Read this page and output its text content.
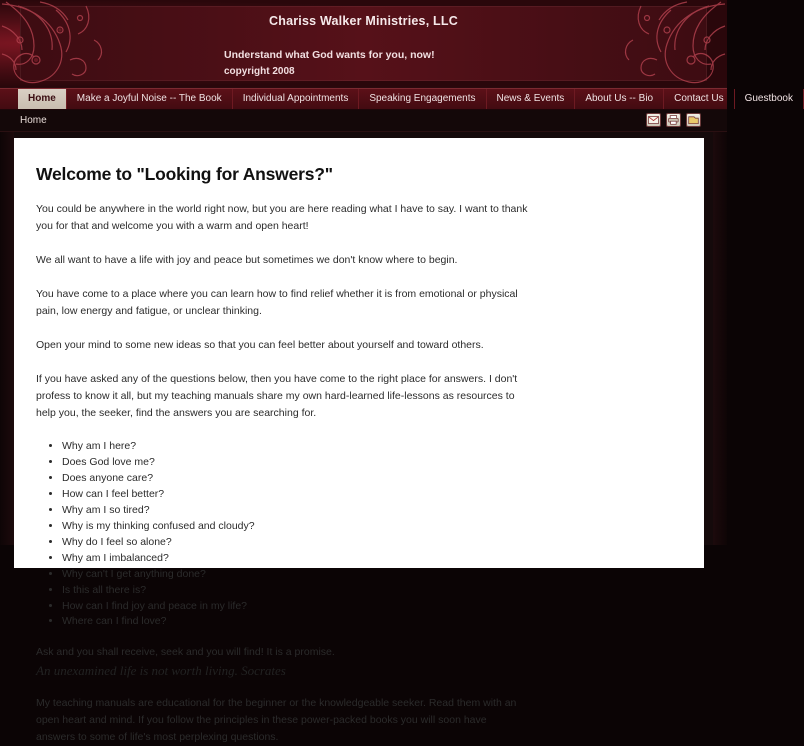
Chariss Walker Ministries, LLC
Understand what God wants for you, now!
copyright 2008
Home	Make a Joyful Noise -- The Book	Individual Appointments	Speaking Engagements	News & Events	About Us -- Bio	Contact Us	Guestbook
Home
Welcome to "Looking for Answers?"

You could be anywhere in the world right now, but you are here reading what I have to say. I want to thank you for that and welcome you with a warm and open heart!

We all want to have a life with joy and peace but sometimes we don't know where to begin.

You have come to a place where you can learn how to find relief whether it is from emotional or physical pain, low energy and fatigue, or unclear thinking.

Open your mind to some new ideas so that you can feel better about yourself and toward others.

If you have asked any of the questions below, then you have come to the right place for answers. I don't profess to know it all, but my teaching manuals share my own hard-learned life-lessons as resources to help you, the seeker, find the answers you are searching for.

• Why am I here?
• Does God love me?
• Does anyone care?
• How can I feel better?
• Why am I so tired?
• Why is my thinking confused and cloudy?
• Why do I feel so alone?
• Why am I imbalanced?
• Why can't I get anything done?
• Is this all there is?
• How can I find joy and peace in my life?
• Where can I find love?

Ask and you shall receive, seek and you will find! It is a promise.

An unexamined life is not worth living. Socrates

My teaching manuals are educational for the beginner or the knowledgeable seeker. Read them with an open heart and mind. If you follow the principles in these power-packed books you will soon have answers to some of life's most perplexing questions.
